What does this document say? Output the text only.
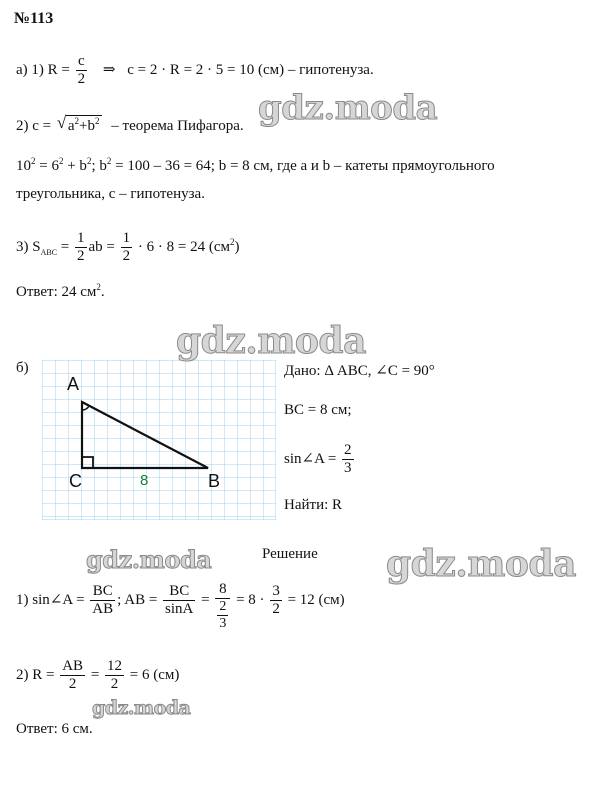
№113
а) 1) $R = \frac{c}{2}$ ⇒ c = 2 · R = 2 · 5 = 10 (см) – гипотенуза.
2) c = √ $a^2+b^2$ – теорема Пифагора.
$10^2 = 6^2 + b^2$; $b^2 = 100 - 36 = 64$; b = 8 см, где a и b – катеты прямоугольного
треугольника, c – гипотенуза.
3) $S_{ABC} = \frac{1}{2}$ ab = $\frac{1}{2} \cdot 6 \cdot 8 = 24$ $(см^2)$
Ответ: 24 $см^2$.
б)
A
C	B
8
Дано: Δ ABC, ∠C = 90°
BC = 8 см;
sin∠A = $\frac{2}{3}$
Найти: R
Решение
1) sin∠A = $\frac{BC}{AB}$ ; AB = $\frac{BC}{\sin A} = \frac{8}{\frac{2}{3}} = 8 \cdot \frac{3}{2} = 12$ (см)
2) $R = \frac{AB}{2} = \frac{12}{2} = 6$ (см)
Ответ: 6 см.
gdz.moda
gdz.moda
gdz.moda	gdz.moda
gdz.moda
